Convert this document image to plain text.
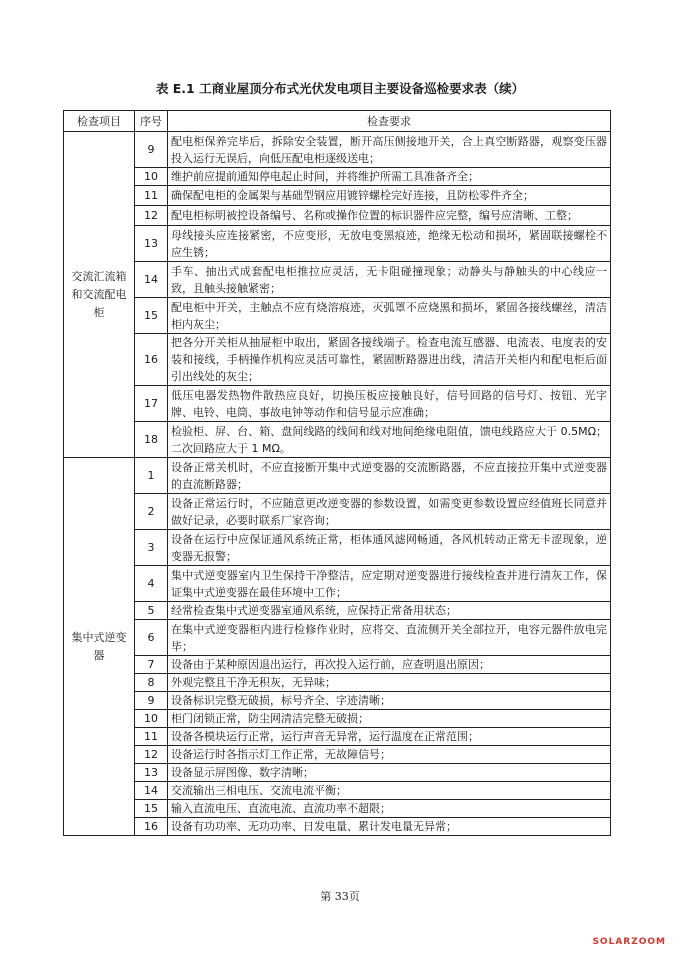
表 E.1 工商业屋顶分布式光伏发电项目主要设备巡检要求表（续）
检查项目	序号	检查要求
交流汇流箱和交流配电柜	9	配电柜保养完毕后，拆除安全装置，断开高压侧接地开关，合上真空断路器，观察变压器投入运行无误后，向低压配电柜逐级送电；
	10	维护前应提前通知停电起止时间，并将维护所需工具准备齐全；
	11	确保配电柜的金属架与基础型钢应用镀锌螺栓完好连接，且防松零件齐全；
	12	配电柜标明被控设备编号、名称或操作位置的标识器件应完整，编号应清晰、工整；
	13	母线接头应连接紧密，不应变形，无放电变黑痕迹，绝缘无松动和损坏，紧固联接螺栓不应生锈；
	14	手车、抽出式成套配电柜推拉应灵活，无卡阻碰撞现象；动静头与静触头的中心线应一致，且触头接触紧密；
	15	配电柜中开关，主触点不应有烧溶痕迹，灭弧罩不应烧黑和损坏，紧固各接线螺丝，清洁柜内灰尘；
	16	把各分开关柜从抽屉柜中取出，紧固各接线端子。检查电流互感器、电流表、电度表的安装和接线，手柄操作机构应灵活可靠性，紧固断路器进出线，清洁开关柜内和配电柜后面引出线处的灰尘；
	17	低压电器发热物件散热应良好，切换压板应接触良好，信号回路的信号灯、按钮、光字牌、电铃、电筒、事故电钟等动作和信号显示应准确；
	18	检验柜、屏、台、箱、盘间线路的线间和线对地间绝缘电阻值，馈电线路应大于 0.5MΩ；二次回路应大于 1 MΩ。
集中式逆变器	1	设备正常关机时，不应直接断开集中式逆变器的交流断路器，不应直接拉开集中式逆变器的直流断路器；
	2	设备正常运行时，不应随意更改逆变器的参数设置，如需变更参数设置应经值班长同意并做好记录，必要时联系厂家咨询；
	3	设备在运行中应保证通风系统正常，柜体通风滤网畅通，各风机转动正常无卡涩现象，逆变器无报警；
	4	集中式逆变器室内卫生保持干净整洁，应定期对逆变器进行接线检查并进行清灰工作，保证集中式逆变器在最佳环境中工作；
	5	经常检查集中式逆变器室通风系统，应保持正常备用状态；
	6	在集中式逆变器柜内进行检修作业时，应将交、直流侧开关全部拉开，电容元器件放电完毕；
	7	设备由于某种原因退出运行，再次投入运行前，应查明退出原因；
	8	外观完整且干净无积灰，无异味；
	9	设备标识完整无破损，标号齐全、字迹清晰；
	10	柜门闭锁正常，防尘网清洁完整无破损；
	11	设备各模块运行正常，运行声音无异常，运行温度在正常范围；
	12	设备运行时各指示灯工作正常，无故障信号；
	13	设备显示屏图像、数字清晰；
	14	交流输出三相电压、交流电流平衡；
	15	输入直流电压、直流电流、直流功率不超限；
	16	设备有功功率、无功功率、日发电量、累计发电量无异常；
第 33页
SOLARZOOM
